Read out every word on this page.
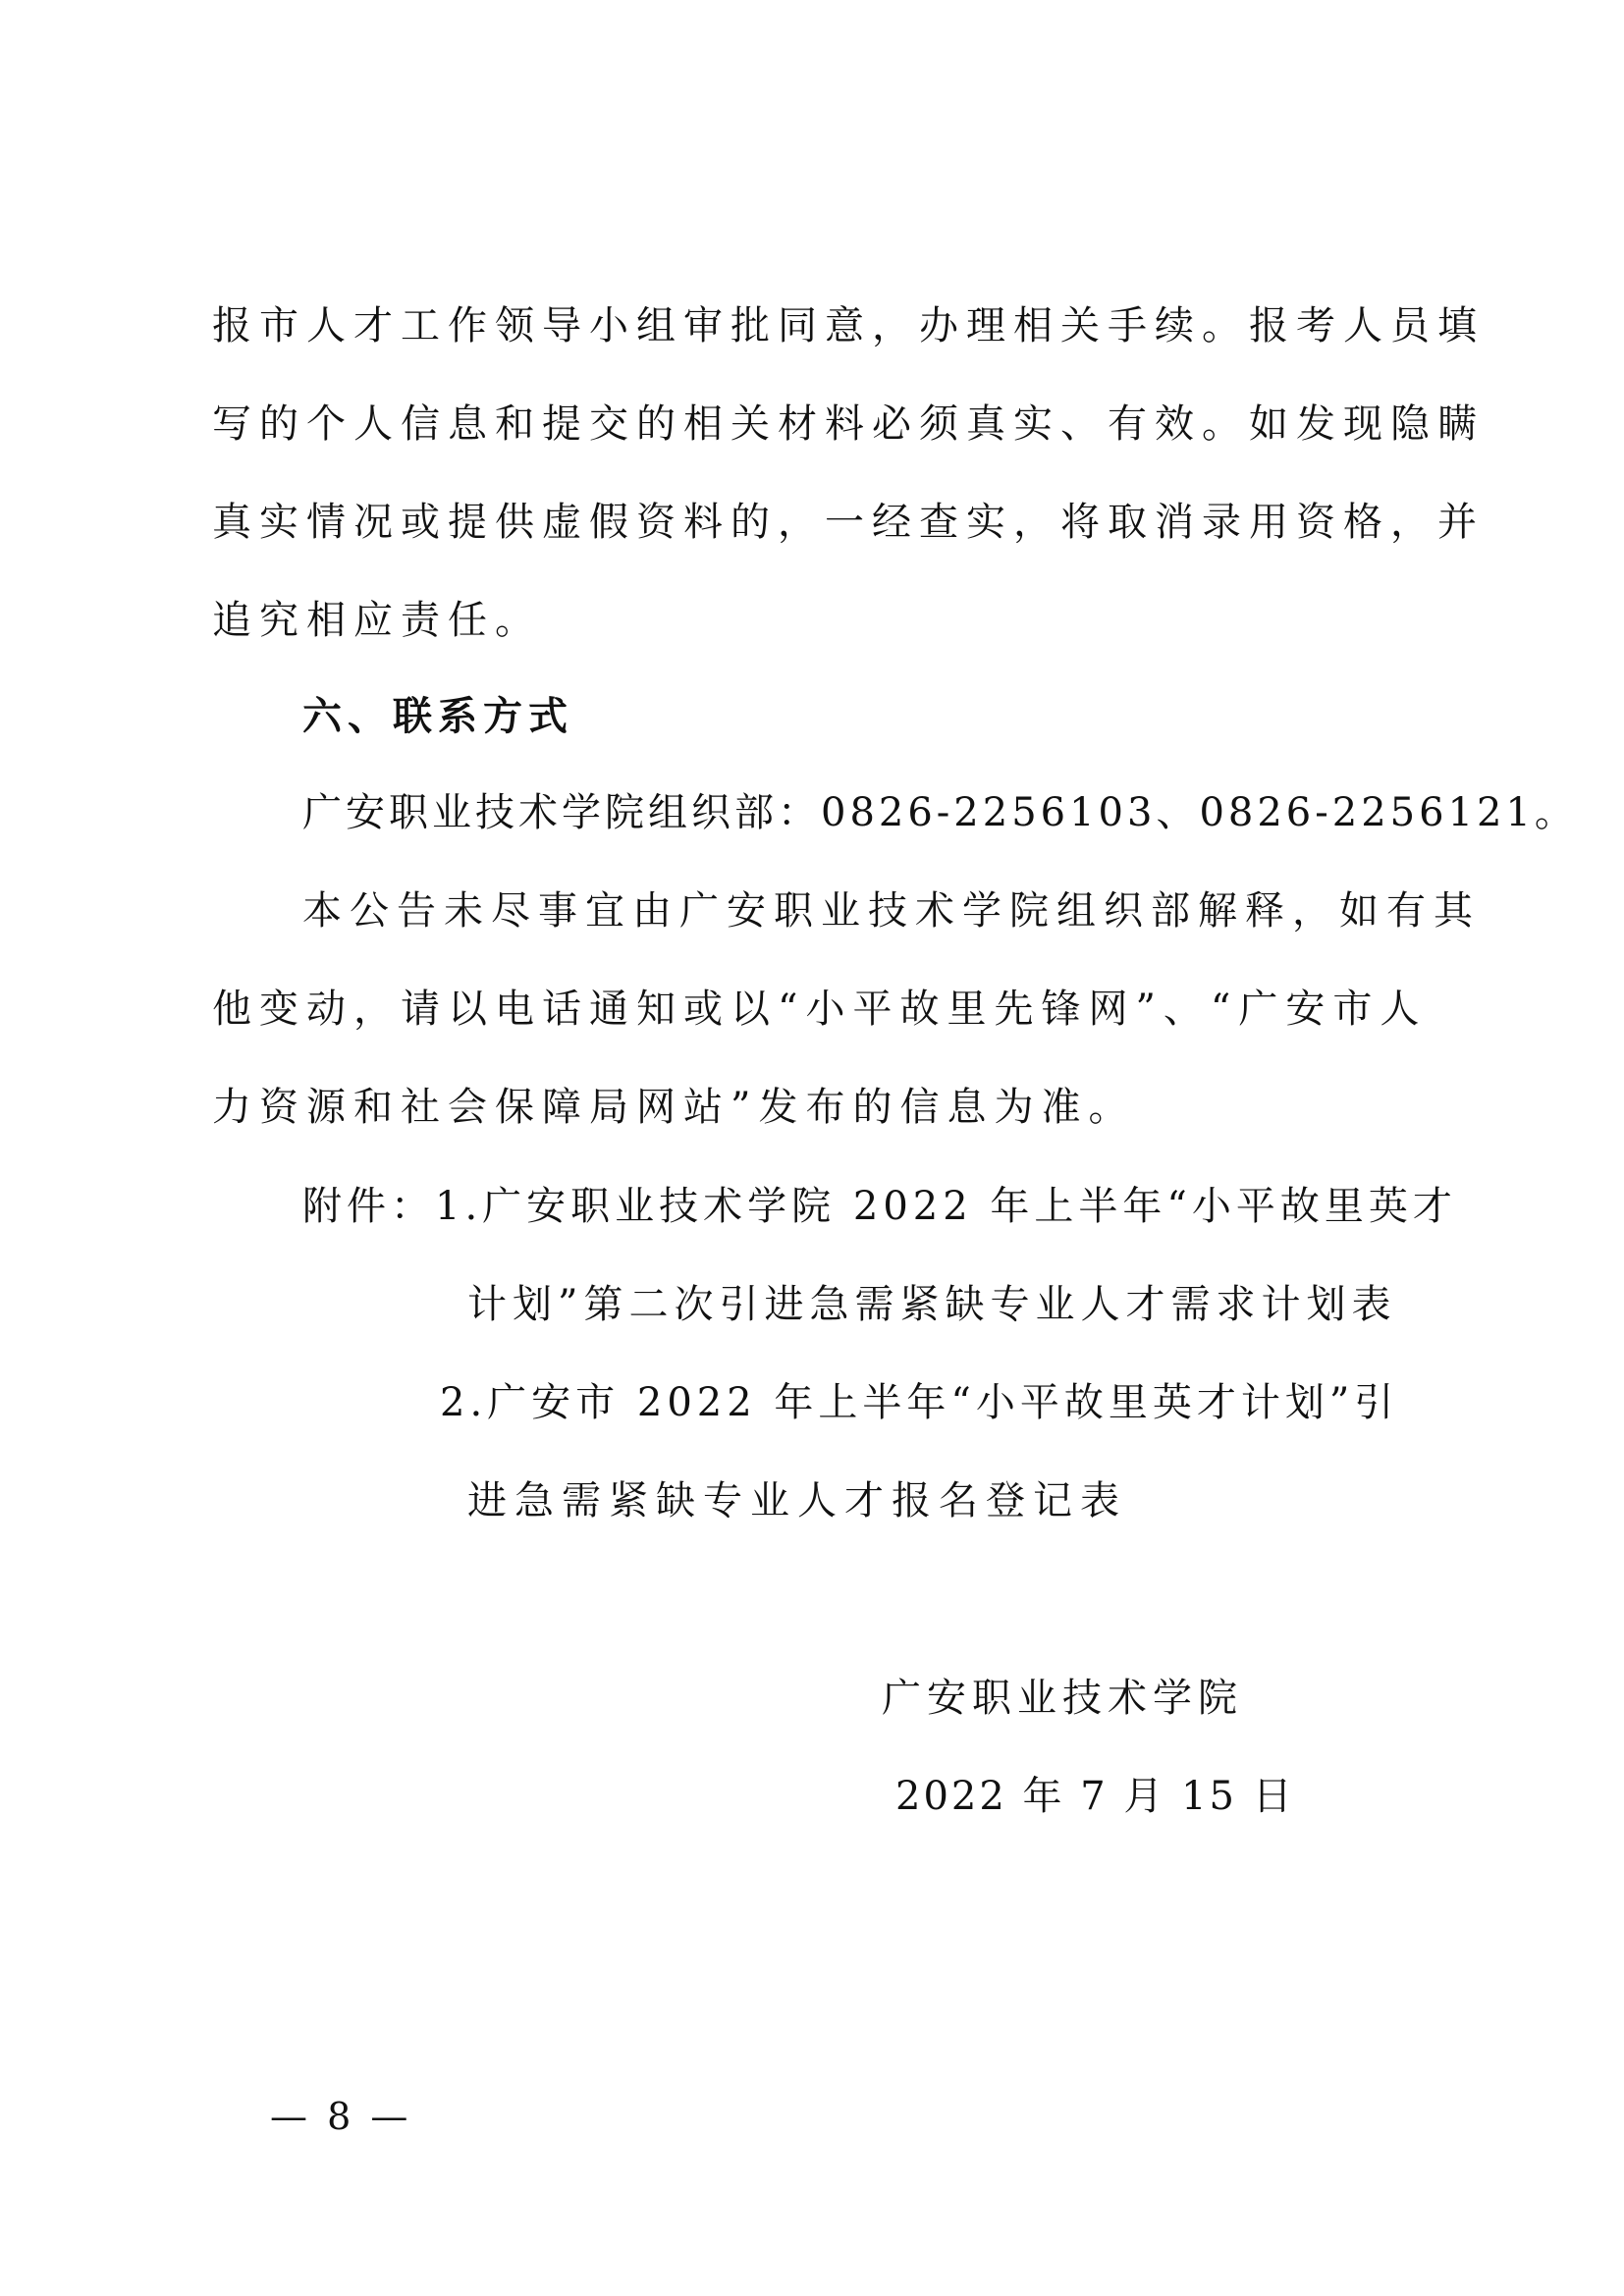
报市人才工作领导小组审批同意，办理相关手续。报考人员填
写的个人信息和提交的相关材料必须真实、有效。如发现隐瞒
真实情况或提供虚假资料的，一经查实，将取消录用资格，并
追究相应责任。
六、联系方式
广安职业技术学院组织部：0826-2256103、0826-2256121。
本公告未尽事宜由广安职业技术学院组织部解释，如有其
他变动，请以电话通知或以“小平故里先锋网”、“广安市人
力资源和社会保障局网站”发布的信息为准。
附件：1.广安职业技术学院 2022 年上半年“小平故里英才
计划”第二次引进急需紧缺专业人才需求计划表
2.广安市 2022 年上半年“小平故里英才计划”引
进急需紧缺专业人才报名登记表
广安职业技术学院
2022 年 7 月 15 日
— 8 —
